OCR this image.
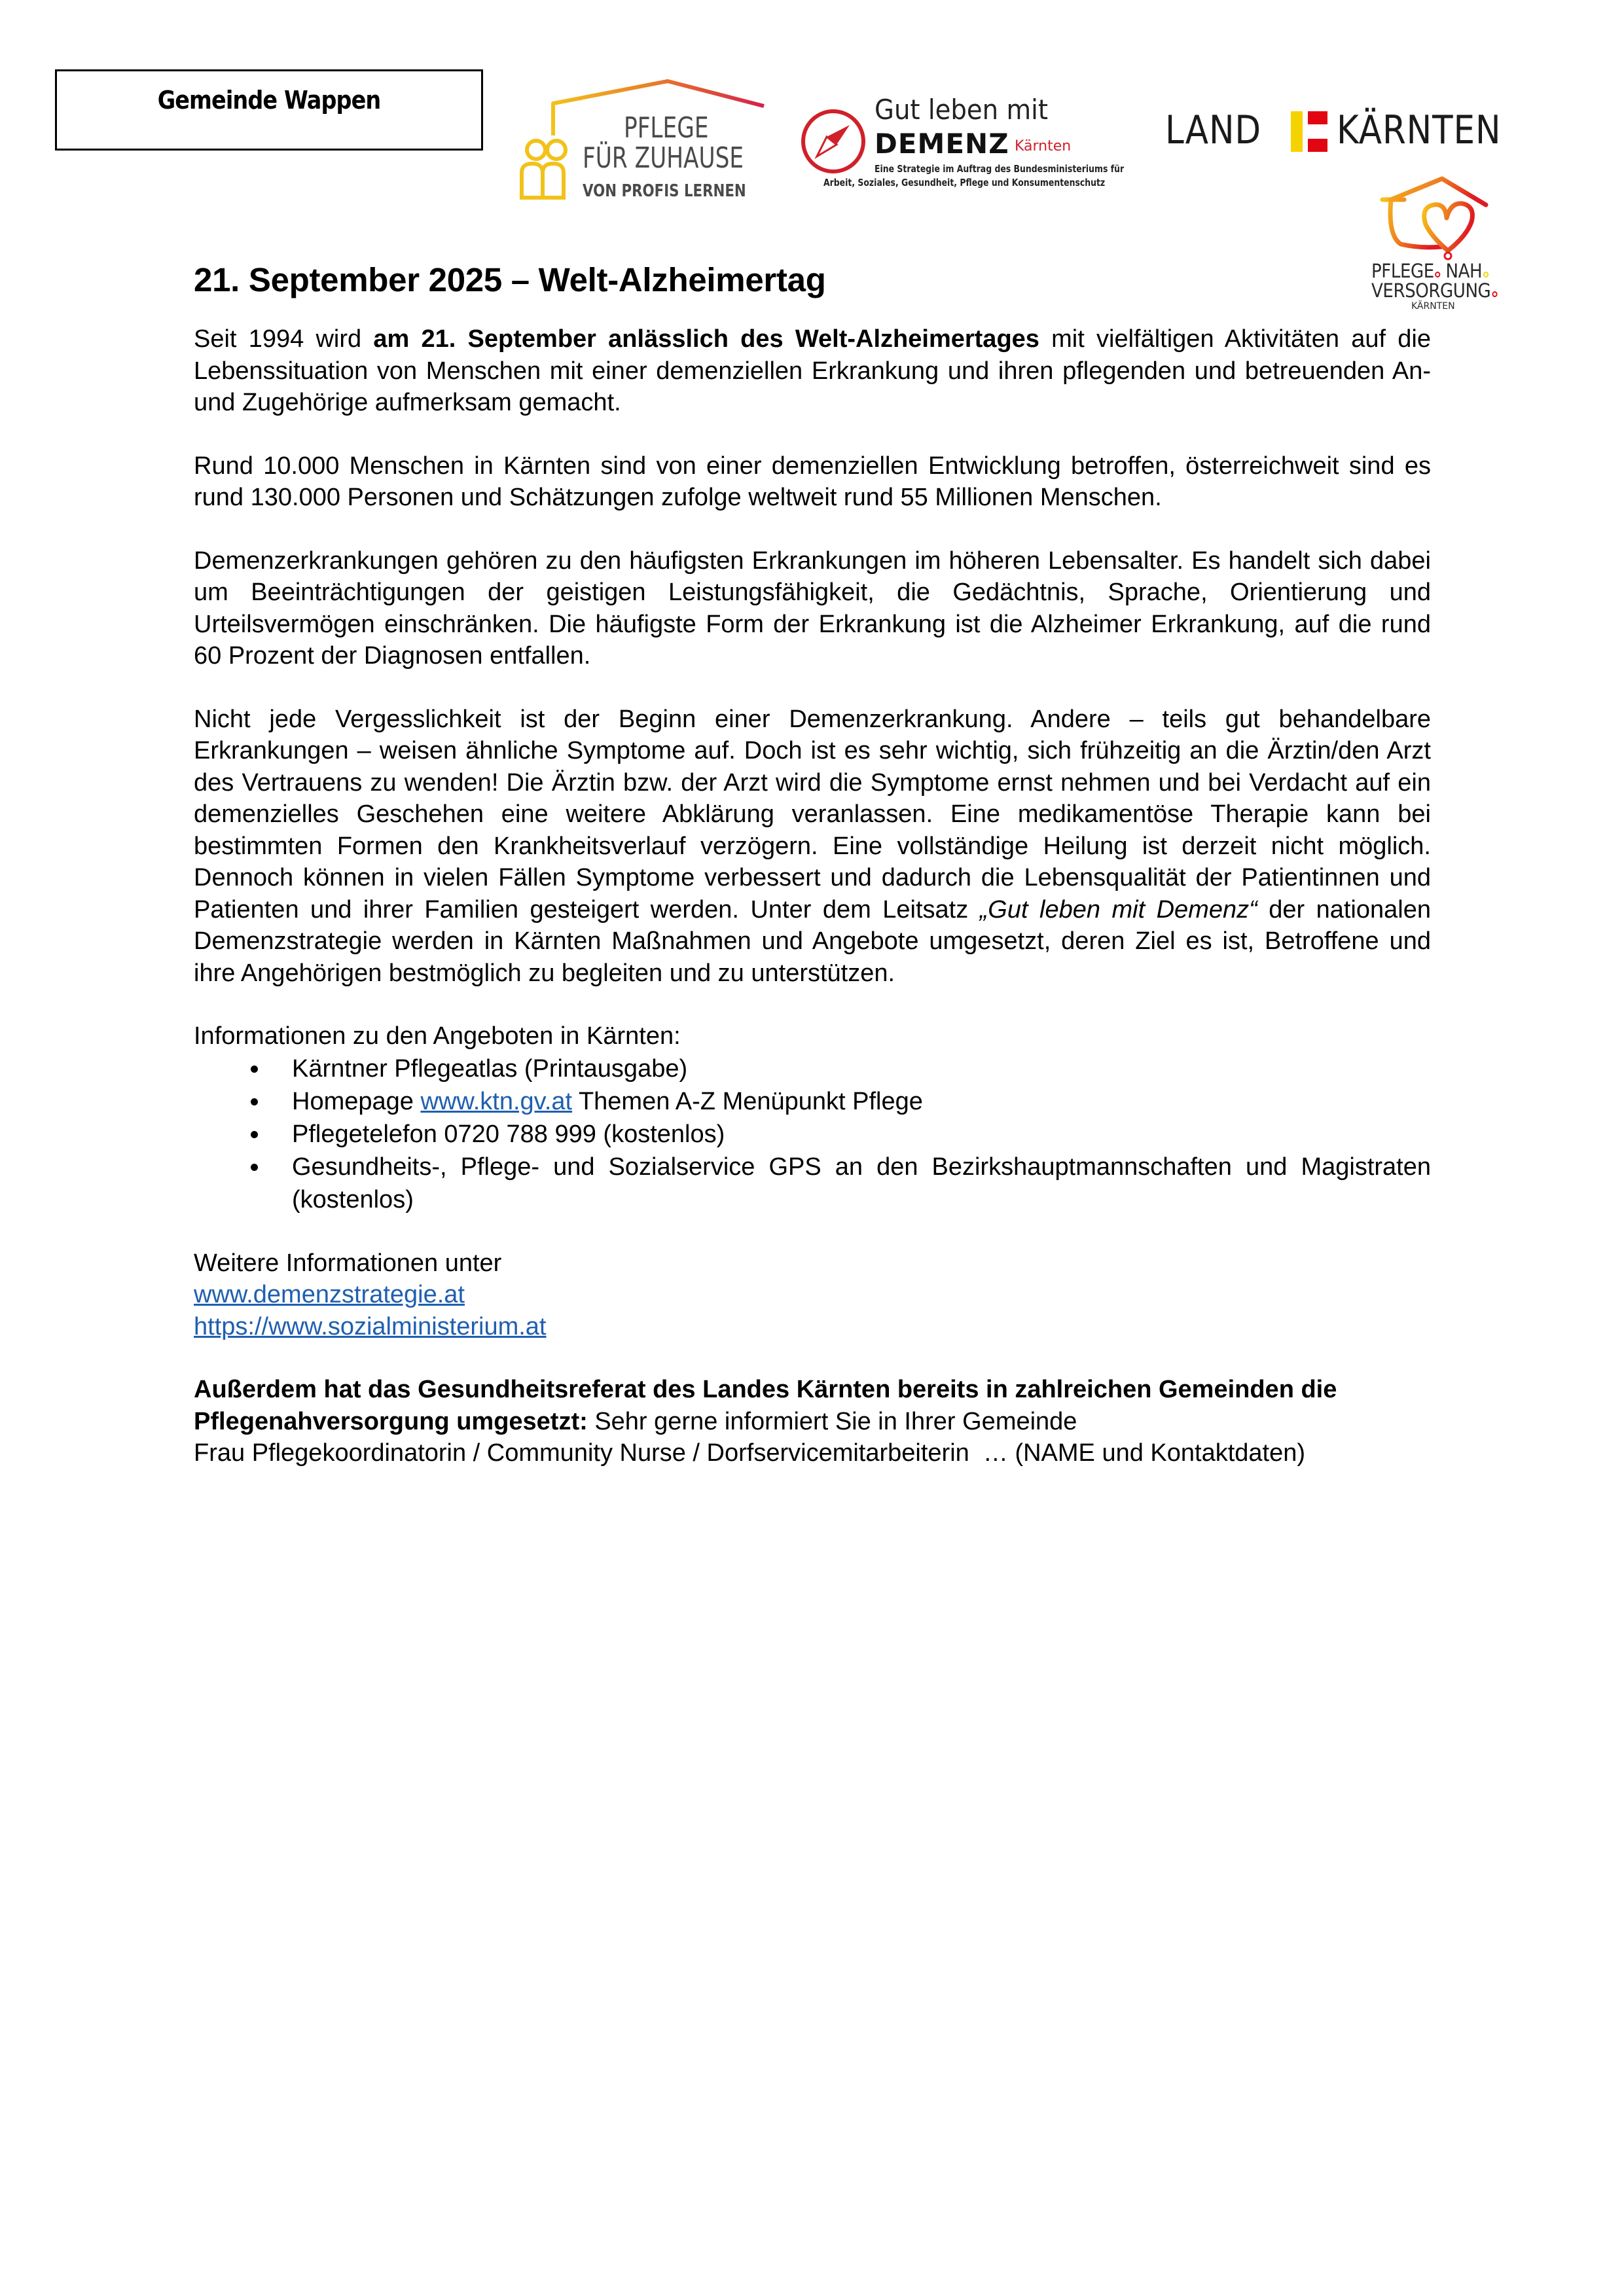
Gemeinde Wappen
PFLEGE
FÜR ZUHAUSE
VON PROFIS LERNEN
Gut leben mit
DEMENZ Kärnten
Eine Strategie im Auftrag des Bundesministeriums für
Arbeit, Soziales, Gesundheit, Pflege und Konsumentenschutz
LAND KÄRNTEN
PFLEGE NAH
VERSORGUNG
KÄRNTEN
21. September 2025 – Welt-Alzheimertag

Seit 1994 wird am 21. September anlässlich des Welt-Alzheimertages mit vielfältigen Aktivitäten auf die Lebenssituation von Menschen mit einer demenziellen Erkrankung und ihren pflegenden und betreuenden An- und Zugehörige aufmerksam gemacht.

Rund 10.000 Menschen in Kärnten sind von einer demenziellen Entwicklung betroffen, österreichweit sind es rund 130.000 Personen und Schätzungen zufolge weltweit rund 55 Millionen Menschen.

Demenzerkrankungen gehören zu den häufigsten Erkrankungen im höheren Lebensalter. Es handelt sich dabei um Beeinträchtigungen der geistigen Leistungsfähigkeit, die Gedächtnis, Sprache, Orientierung und Urteilsvermögen einschränken. Die häufigste Form der Erkrankung ist die Alzheimer Erkrankung, auf die rund 60 Prozent der Diagnosen entfallen.

Nicht jede Vergesslichkeit ist der Beginn einer Demenzerkrankung. Andere – teils gut behandelbare Erkrankungen – weisen ähnliche Symptome auf. Doch ist es sehr wichtig, sich frühzeitig an die Ärztin/den Arzt des Vertrauens zu wenden! Die Ärztin bzw. der Arzt wird die Symptome ernst nehmen und bei Verdacht auf ein demenzielles Geschehen eine weitere Abklärung veranlassen. Eine medikamentöse Therapie kann bei bestimmten Formen den Krankheitsverlauf verzögern. Eine vollständige Heilung ist derzeit nicht möglich. Dennoch können in vielen Fällen Symptome verbessert und dadurch die Lebensqualität der Patientinnen und Patienten und ihrer Familien gesteigert werden. Unter dem Leitsatz „Gut leben mit Demenz“ der nationalen Demenzstrategie werden in Kärnten Maßnahmen und Angebote umgesetzt, deren Ziel es ist, Betroffene und ihre Angehörigen bestmöglich zu begleiten und zu unterstützen.

Informationen zu den Angeboten in Kärnten:
Kärntner Pflegeatlas (Printausgabe)
Homepage www.ktn.gv.at Themen A-Z Menüpunkt Pflege
Pflegetelefon 0720 788 999 (kostenlos)
Gesundheits-, Pflege- und Sozialservice GPS an den Bezirkshauptmannschaften und Magistraten (kostenlos)
Weitere Informationen unter
www.demenzstrategie.at
https://www.sozialministerium.at
Außerdem hat das Gesundheitsreferat des Landes Kärnten bereits in zahlreichen Gemeinden die Pflegenahversorgung umgesetzt: Sehr gerne informiert Sie in Ihrer Gemeinde
Frau Pflegekoordinatorin / Community Nurse / Dorfservicemitarbeiterin  … (NAME und Kontaktdaten)
